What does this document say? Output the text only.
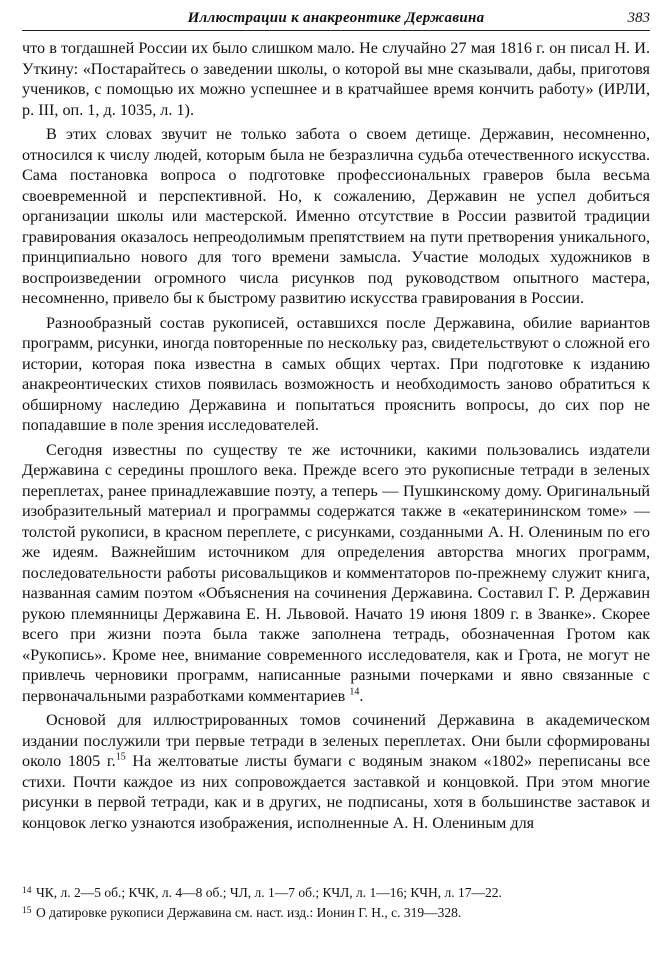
Иллюстрации к анакреонтике Державина	383

что в тогдашней России их было слишком мало. Не случайно 27 мая 1816 г. он писал Н. И. Уткину: «Постарайтесь о заведении школы, о которой вы мне сказывали, дабы, приготовя учеников, с помощью их можно успешнее и в кратчайшее время кончить работу» (ИРЛИ, р. III, оп. 1, д. 1035, л. 1).

В этих словах звучит не только забота о своем детище. Державин, несомненно, относился к числу людей, которым была не безразлична судьба отечественного искусства. Сама постановка вопроса о подготовке профессиональных граверов была весьма своевременной и перспективной. Но, к сожалению, Державин не успел добиться организации школы или мастерской. Именно отсутствие в России развитой традиции гравирования оказалось непреодолимым препятствием на пути претворения уникального, принципиально нового для того времени замысла. Участие молодых художников в воспроизведении огромного числа рисунков под руководством опытного мастера, несомненно, привело бы к быстрому развитию искусства гравирования в России.

Разнообразный состав рукописей, оставшихся после Державина, обилие вариантов программ, рисунки, иногда повторенные по нескольку раз, свидетельствуют о сложной его истории, которая пока известна в самых общих чертах. При подготовке к изданию анакреонтических стихов появилась возможность и необходимость заново обратиться к обширному наследию Державина и попытаться прояснить вопросы, до сих пор не попадавшие в поле зрения исследователей.

Сегодня известны по существу те же источники, какими пользовались издатели Державина с середины прошлого века. Прежде всего это рукописные тетради в зеленых переплетах, ранее принадлежавшие поэту, а теперь — Пушкинскому дому. Оригинальный изобразительный материал и программы содержатся также в «екатерининском томе» — толстой рукописи, в красном переплете, с рисунками, созданными А. Н. Олениным по его же идеям. Важнейшим источником для определения авторства многих программ, последовательности работы рисовальщиков и комментаторов по-прежнему служит книга, названная самим поэтом «Объяснения на сочинения Державина. Составил Г. Р. Державин рукою племянницы Державина Е. Н. Львовой. Начато 19 июня 1809 г. в Званке». Скорее всего при жизни поэта была также заполнена тетрадь, обозначенная Гротом как «Рукопись». Кроме нее, внимание современного исследователя, как и Грота, не могут не привлечь черновики программ, написанные разными почерками и явно связанные с первоначальными разработками комментариев $^{14}$.

Основой для иллюстрированных томов сочинений Державина в академическом издании послужили три первые тетради в зеленых переплетах. Они были сформированы около 1805 г.$^{15}$ На желтоватые листы бумаги с водяным знаком «1802» переписаны все стихи. Почти каждое из них сопровождается заставкой и концовкой. При этом многие рисунки в первой тетради, как и в других, не подписаны, хотя в большинстве заставок и концовок легко узнаются изображения, исполненные А. Н. Олениным для

14 ЧК, л. 2—5 об.; КЧК, л. 4—8 об.; ЧЛ, л. 1—7 об.; КЧЛ, л. 1—16; КЧН, л. 17—22.
15 О датировке рукописи Державина см. наст. изд.: Ионин Г. Н., с. 319—328.
